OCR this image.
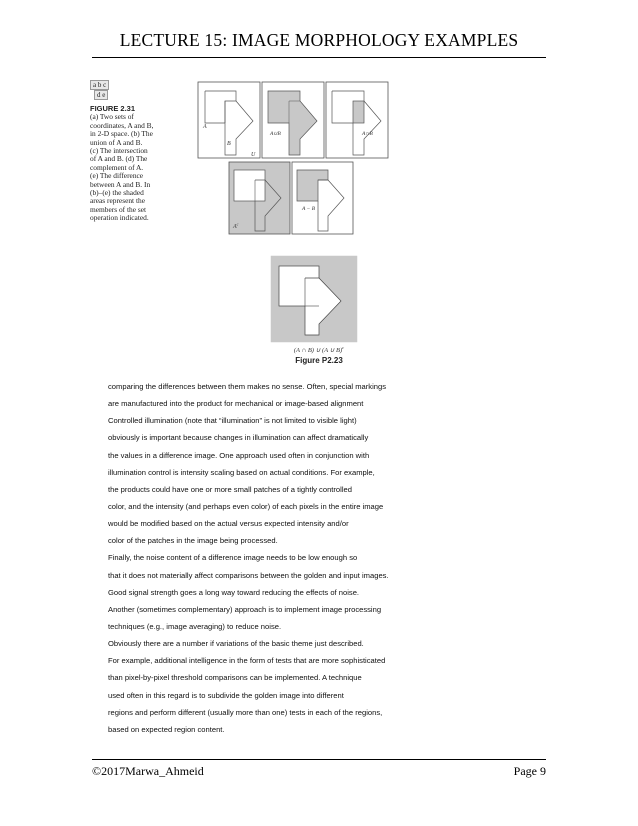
LECTURE 15: IMAGE MORPHOLOGY EXAMPLES
a b c
d e
FIGURE 2.31
(a) Two sets of
coordinates, A and B,
in 2-D space. (b) The
union of A and B.
(c) The intersection
of A and B. (d) The
complement of A.
(e) The difference
between A and B. In
(b)–(e) the shaded
areas represent the
members of the set
operation indicated.
A
B
U
A∪B	A∩B
$A^c$
A − B
(A ∩ B) ∪ (A ∪ B)$^c$
Figure P2.23
comparing the differences between them makes no sense. Often, special markings
are manufactured into the product for mechanical or image-based alignment
Controlled illumination (note that “illumination” is not limited to visible light)
obviously is important because changes in illumination can affect dramatically
the values in a difference image. One approach used often in conjunction with
illumination control is intensity scaling based on actual conditions. For example,
the products could have one or more small patches of a tightly controlled
color, and the intensity (and perhaps even color) of each pixels in the entire image
would be modified based on the actual versus expected intensity and/or
color of the patches in the image being processed.
Finally, the noise content of a difference image needs to be low enough so
that it does not materially affect comparisons between the golden and input images.
Good signal strength goes a long way toward reducing the effects of noise.
Another (sometimes complementary) approach is to implement image processing
techniques (e.g., image averaging) to reduce noise.
Obviously there are a number if variations of the basic theme just described.
For example, additional intelligence in the form of tests that are more sophisticated
than pixel-by-pixel threshold comparisons can be implemented. A technique
used often in this regard is to subdivide the golden image into different
regions and perform different (usually more than one) tests in each of the regions,
based on expected region content.
©2017Marwa_Ahmeid	Page 9
